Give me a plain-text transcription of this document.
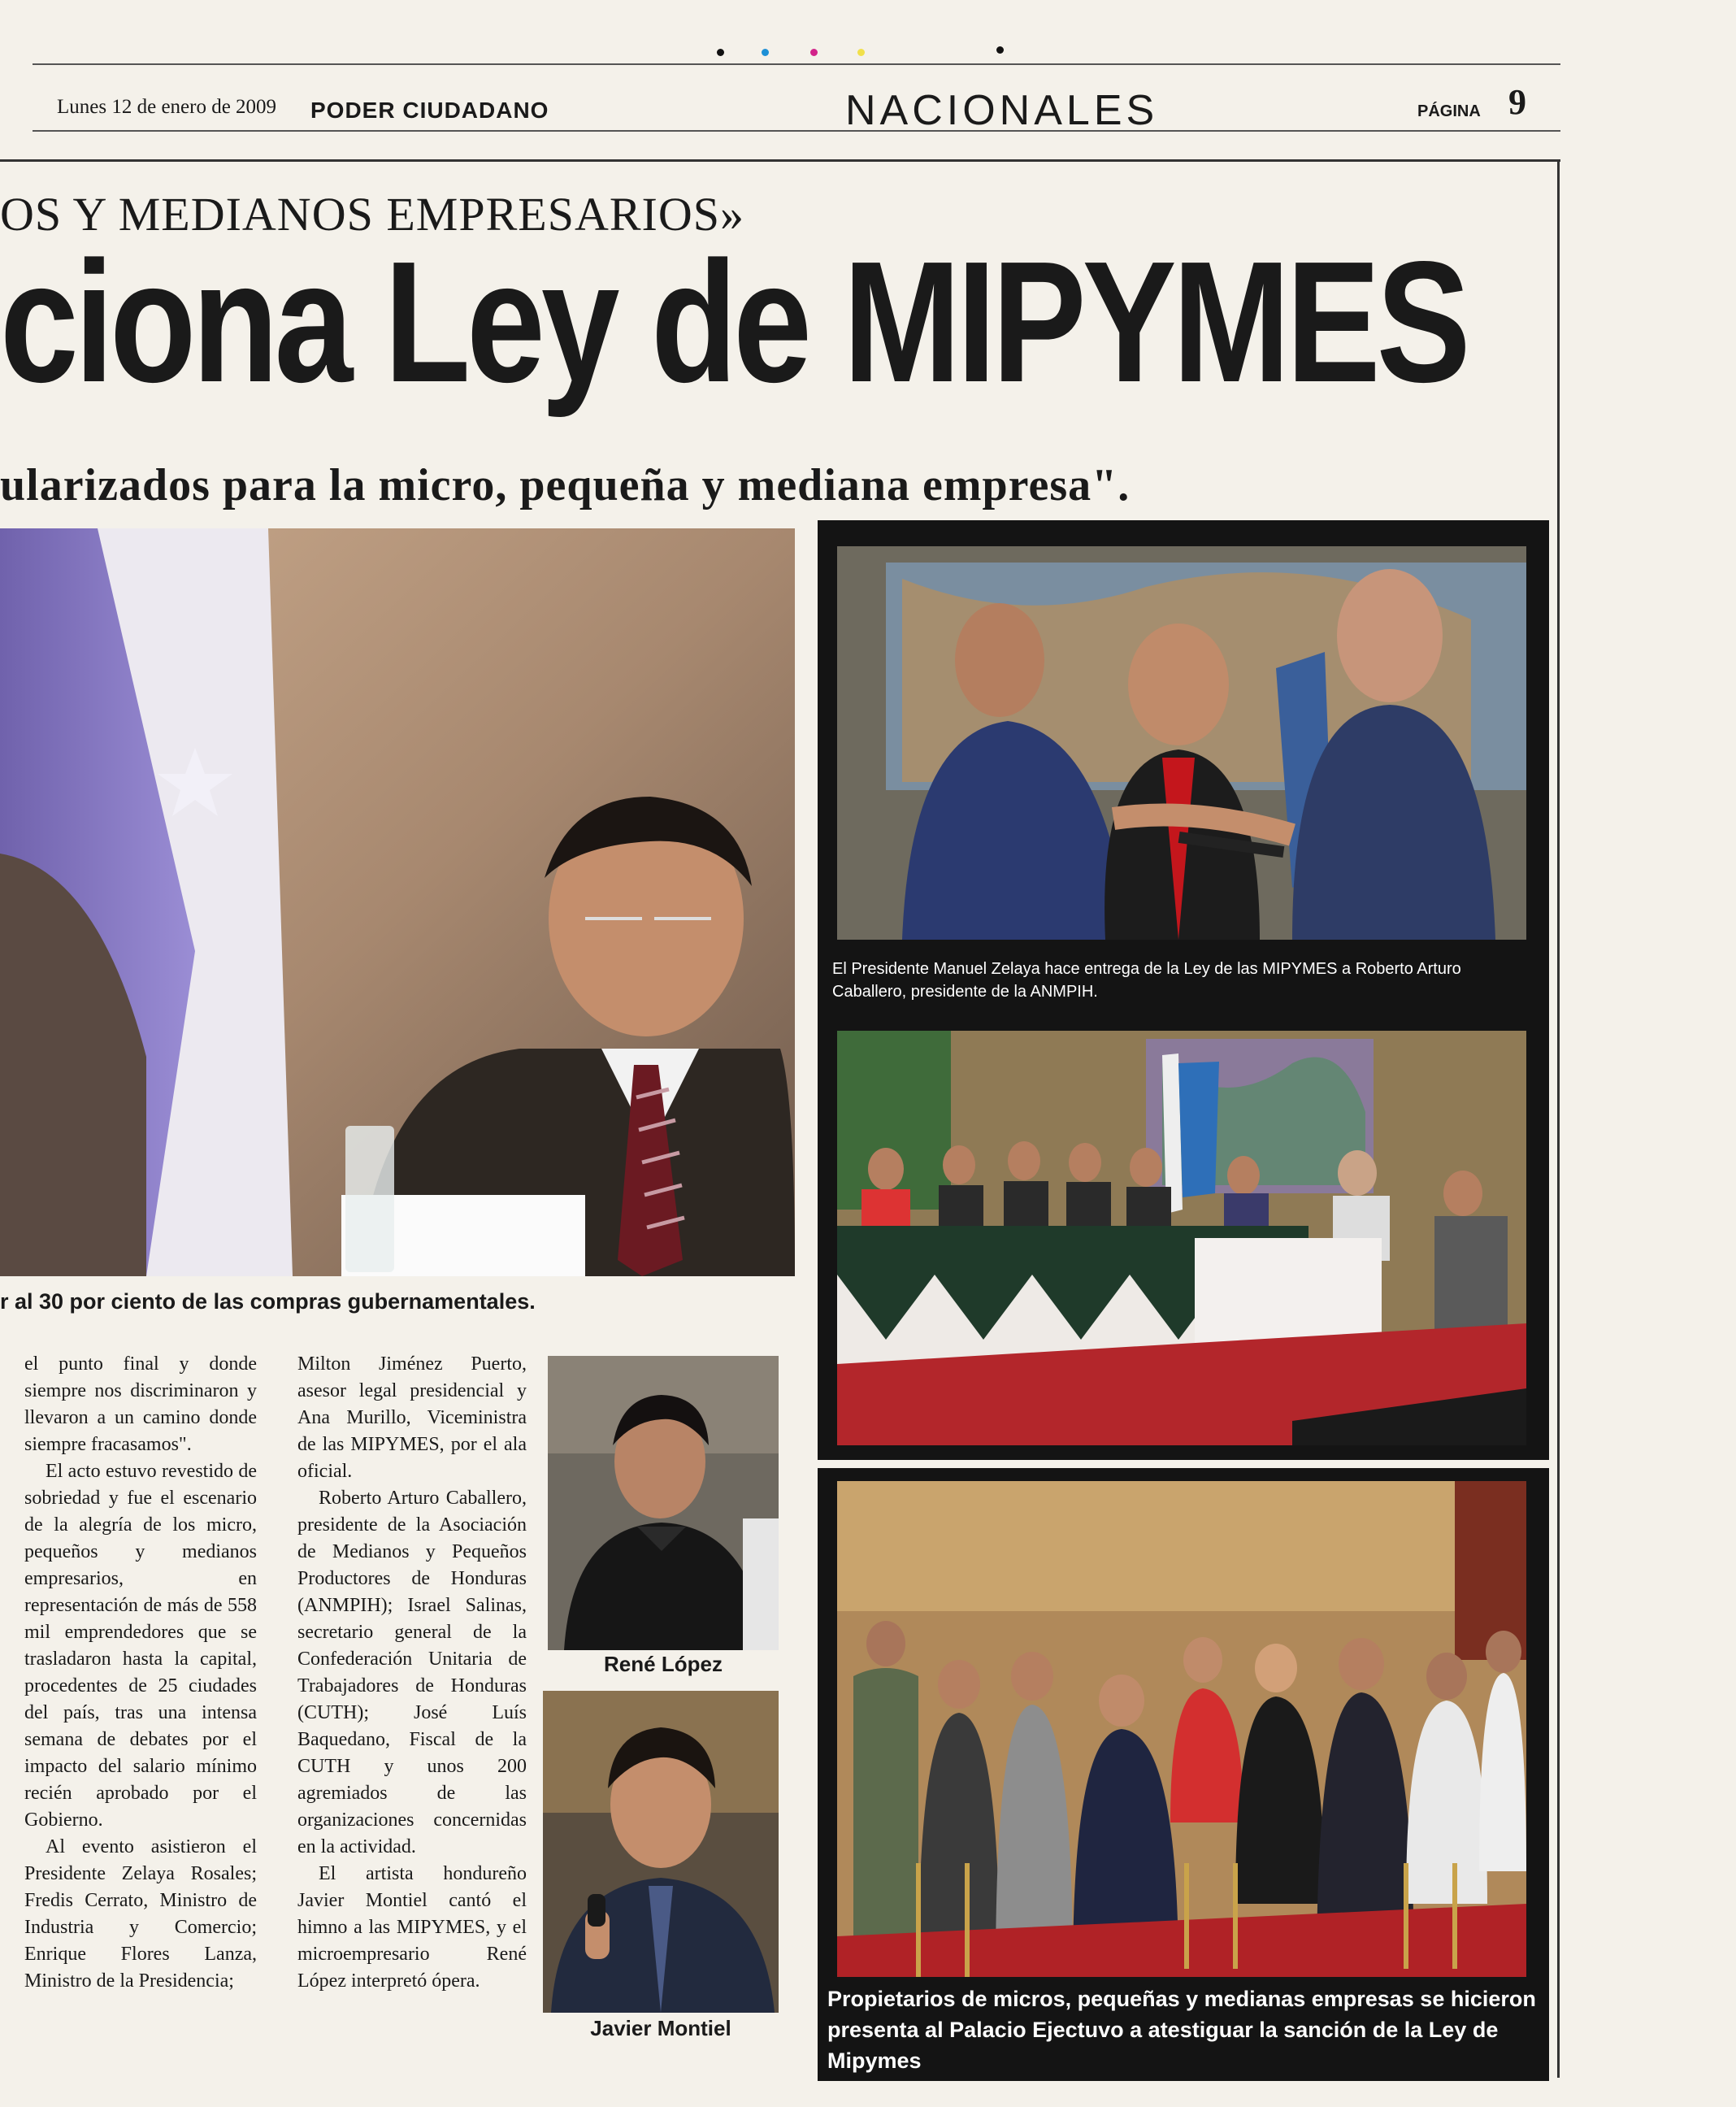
Lunes 12 de enero de 2009 PODER CIUDADANO	NACIONALES	PÁGINA 9
OS Y MEDIANOS EMPRESARIOS»
ciona Ley de MIPYMES
ularizados para la micro, pequeña y mediana empresa".
r al 30 por ciento de las compras gubernamentales.
El Presidente Manuel Zelaya hace entrega de la Ley de las MIPYMES a Roberto Arturo Caballero, presidente de la ANMPIH.
Propietarios de micros, pequeñas y medianas empresas se hicieron presenta al Palacio Ejectuvo a atestiguar la sanción de la Ley de Mipymes
René López
Javier Montiel

el punto final y donde siempre nos discriminaron y llevaron a un camino donde siempre fracasamos".

El acto estuvo revestido de sobriedad y fue el escenario de la alegría de los micro, pequeños y medianos empresarios, en representación de más de 558 mil emprendedores que se trasladaron hasta la capital, procedentes de 25 ciudades del país, tras una intensa semana de debates por el impacto del salario mínimo recién aprobado por el Gobierno.

Al evento asistieron el Presidente Zelaya Rosales; Fredis Cerrato, Ministro de Industria y Comercio; Enrique Flores Lanza, Ministro de la Presidencia;

Milton Jiménez Puerto, asesor legal presidencial y Ana Murillo, Viceministra de las MIPYMES, por el ala oficial.

Roberto Arturo Caballero, presidente de la Asociación de Medianos y Pequeños Productores de Honduras (ANMPIH); Israel Salinas, secretario general de la Confederación Unitaria de Trabajadores de Honduras (CUTH); José Luís Baquedano, Fiscal de la CUTH y unos 200 agremiados de las organizaciones concernidas en la actividad.

El artista hondureño Javier Montiel cantó el himno a las MIPYMES, y el microempresario René López interpretó ópera.
